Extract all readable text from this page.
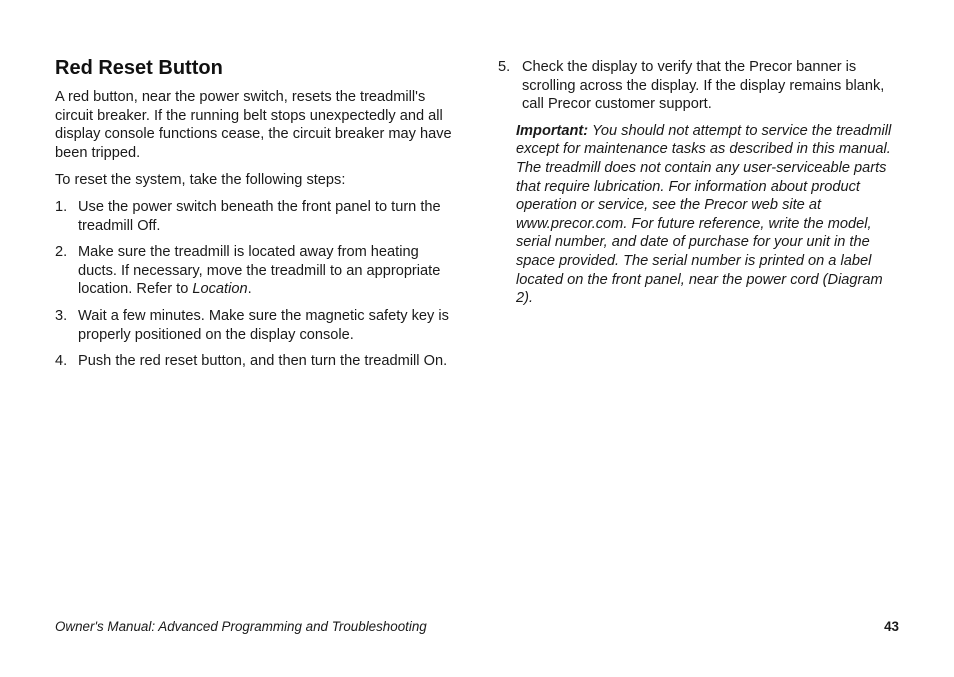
Red Reset Button

A red button, near the power switch, resets the treadmill's circuit breaker. If the running belt stops unexpectedly and all display console functions cease, the circuit breaker may have been tripped.

To reset the system, take the following steps:

1. Use the power switch beneath the front panel to turn the treadmill Off.
2. Make sure the treadmill is located away from heating ducts. If necessary, move the treadmill to an appropriate location. Refer to Location.
3. Wait a few minutes. Make sure the magnetic safety key is properly positioned on the display console.
4. Push the red reset button, and then turn the treadmill On.
5. Check the display to verify that the Precor banner is scrolling across the display. If the display remains blank, call Precor customer support.

Important: You should not attempt to service the treadmill except for maintenance tasks as described in this manual. The treadmill does not contain any user-serviceable parts that require lubrication. For information about product operation or service, see the Precor web site at www.precor.com. For future reference, write the model, serial number, and date of purchase for your unit in the space provided. The serial number is printed on a label located on the front panel, near the power cord (Diagram 2).

Owner's Manual: Advanced Programming and Troubleshooting	43
